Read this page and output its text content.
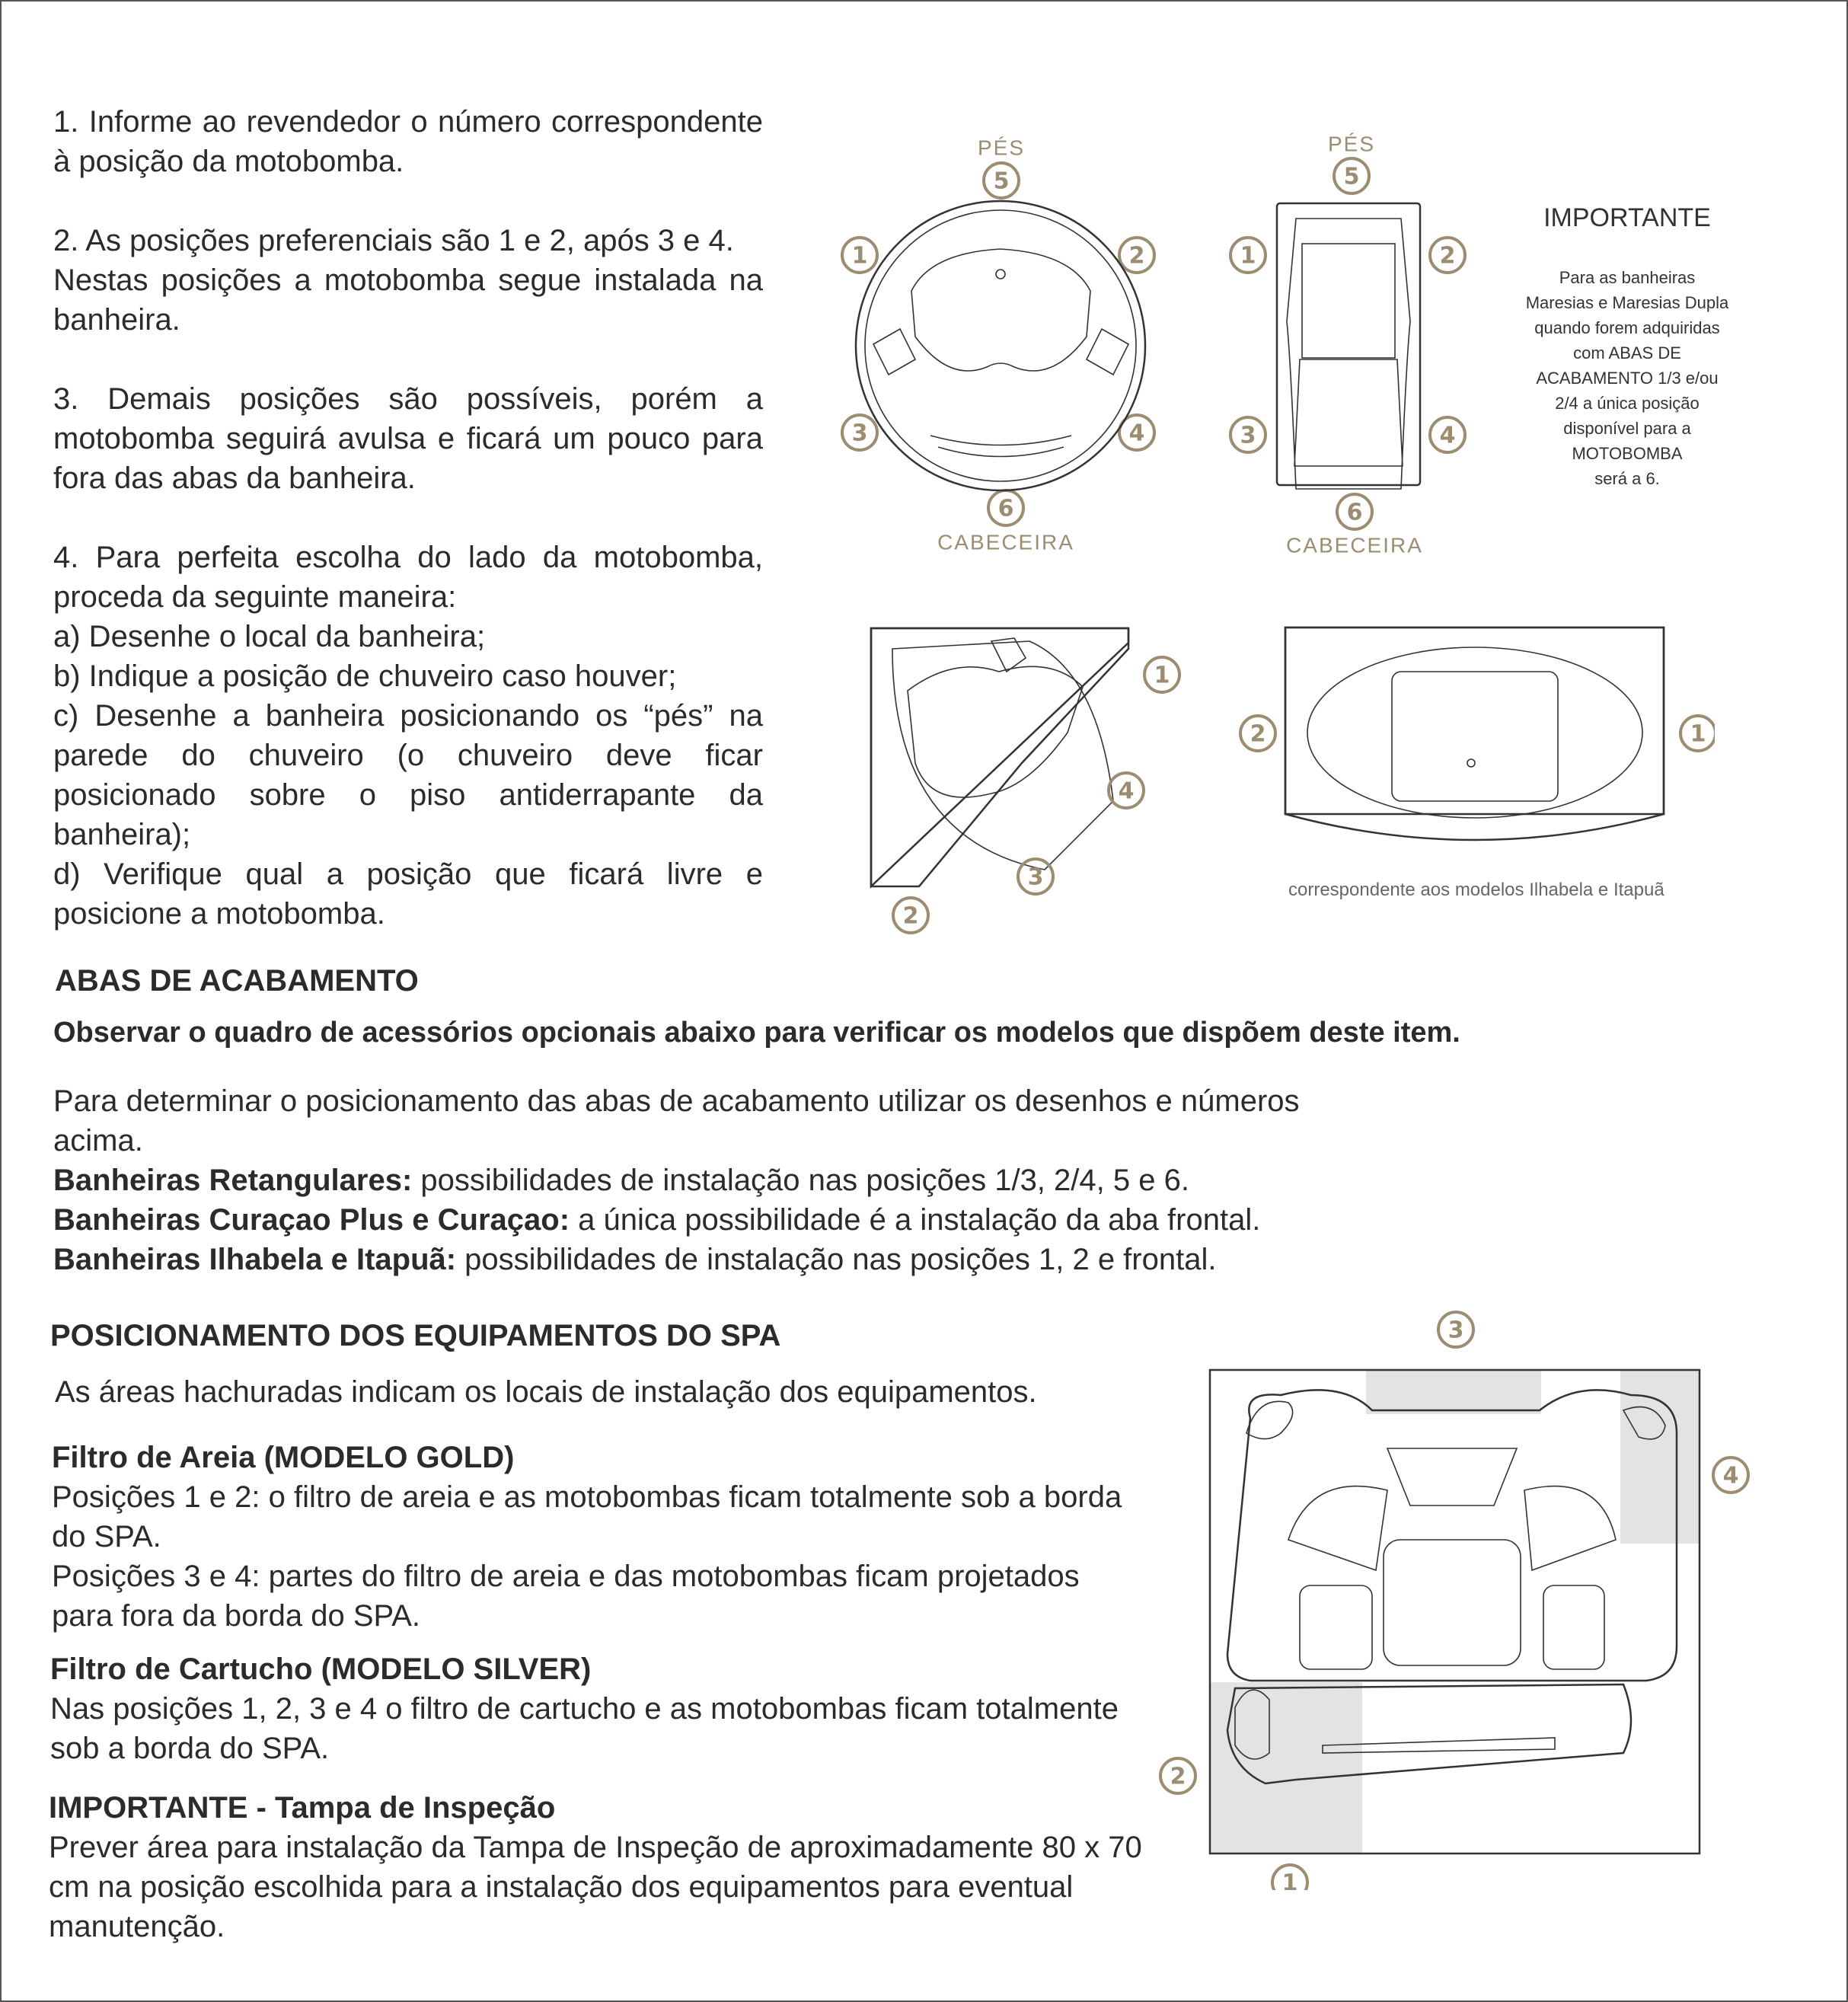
1. Informe ao revendedor o número correspondente à posição da motobomba.

2. As posições preferenciais são 1 e 2, após 3 e 4.

Nestas posições a motobomba segue instalada na banheira.

3. Demais posições são possíveis, porém a motobomba seguirá avulsa e ficará um pouco para fora das abas da banheira.

4. Para perfeita escolha do lado da motobomba, proceda da seguinte maneira:

a) Desenhe o local da banheira;

b) Indique a posição de chuveiro caso houver;

c) Desenhe a banheira posicionando os “pés” na parede do chuveiro (o chuveiro deve ficar posicionado sobre o piso antiderrapante da banheira);

d) Verifique qual a posição que ficará livre e posicione a motobomba.

PÉS
5
1	2
3	4
6
CABECEIRA
PÉS
5
1	2
3	4
6
CABECEIRA
IMPORTANTE
Para as banheiras
Maresias e Maresias Dupla
quando forem adquiridas
com ABAS DE
ACABAMENTO 1/3 e/ou
2/4 a única posição
disponível para a
MOTOBOMBA
será a 6.
1
4
3
2
2	1
correspondente aos modelos Ilhabela e Itapuã
ABAS DE ACABAMENTO
Observar o quadro de acessórios opcionais abaixo para verificar os modelos que dispõem deste item.

Para determinar o posicionamento das abas de acabamento utilizar os desenhos e números acima.

Banheiras Retangulares: possibilidades de instalação nas posições 1/3, 2/4, 5 e 6.

Banheiras Curaçao Plus e Curaçao: a única possibilidade é a instalação da aba frontal.

Banheiras Ilhabela e Itapuã: possibilidades de instalação nas posições 1, 2 e frontal.

POSICIONAMENTO DOS EQUIPAMENTOS DO SPA
As áreas hachuradas indicam os locais de instalação dos equipamentos.

Filtro de Areia (MODELO GOLD)

Posições 1 e 2: o filtro de areia e as motobombas ficam totalmente sob a borda do SPA.

Posições 3 e 4: partes do filtro de areia e das motobombas ficam projetados para fora da borda do SPA.

Filtro de Cartucho (MODELO SILVER)

Nas posições 1, 2, 3 e 4 o filtro de cartucho e as motobombas ficam totalmente sob a borda do SPA.

IMPORTANTE - Tampa de Inspeção

Prever área para instalação da Tampa de Inspeção de aproximadamente 80 x 70 cm na posição escolhida para a instalação dos equipamentos para eventual manutenção.

3
4
2
1
